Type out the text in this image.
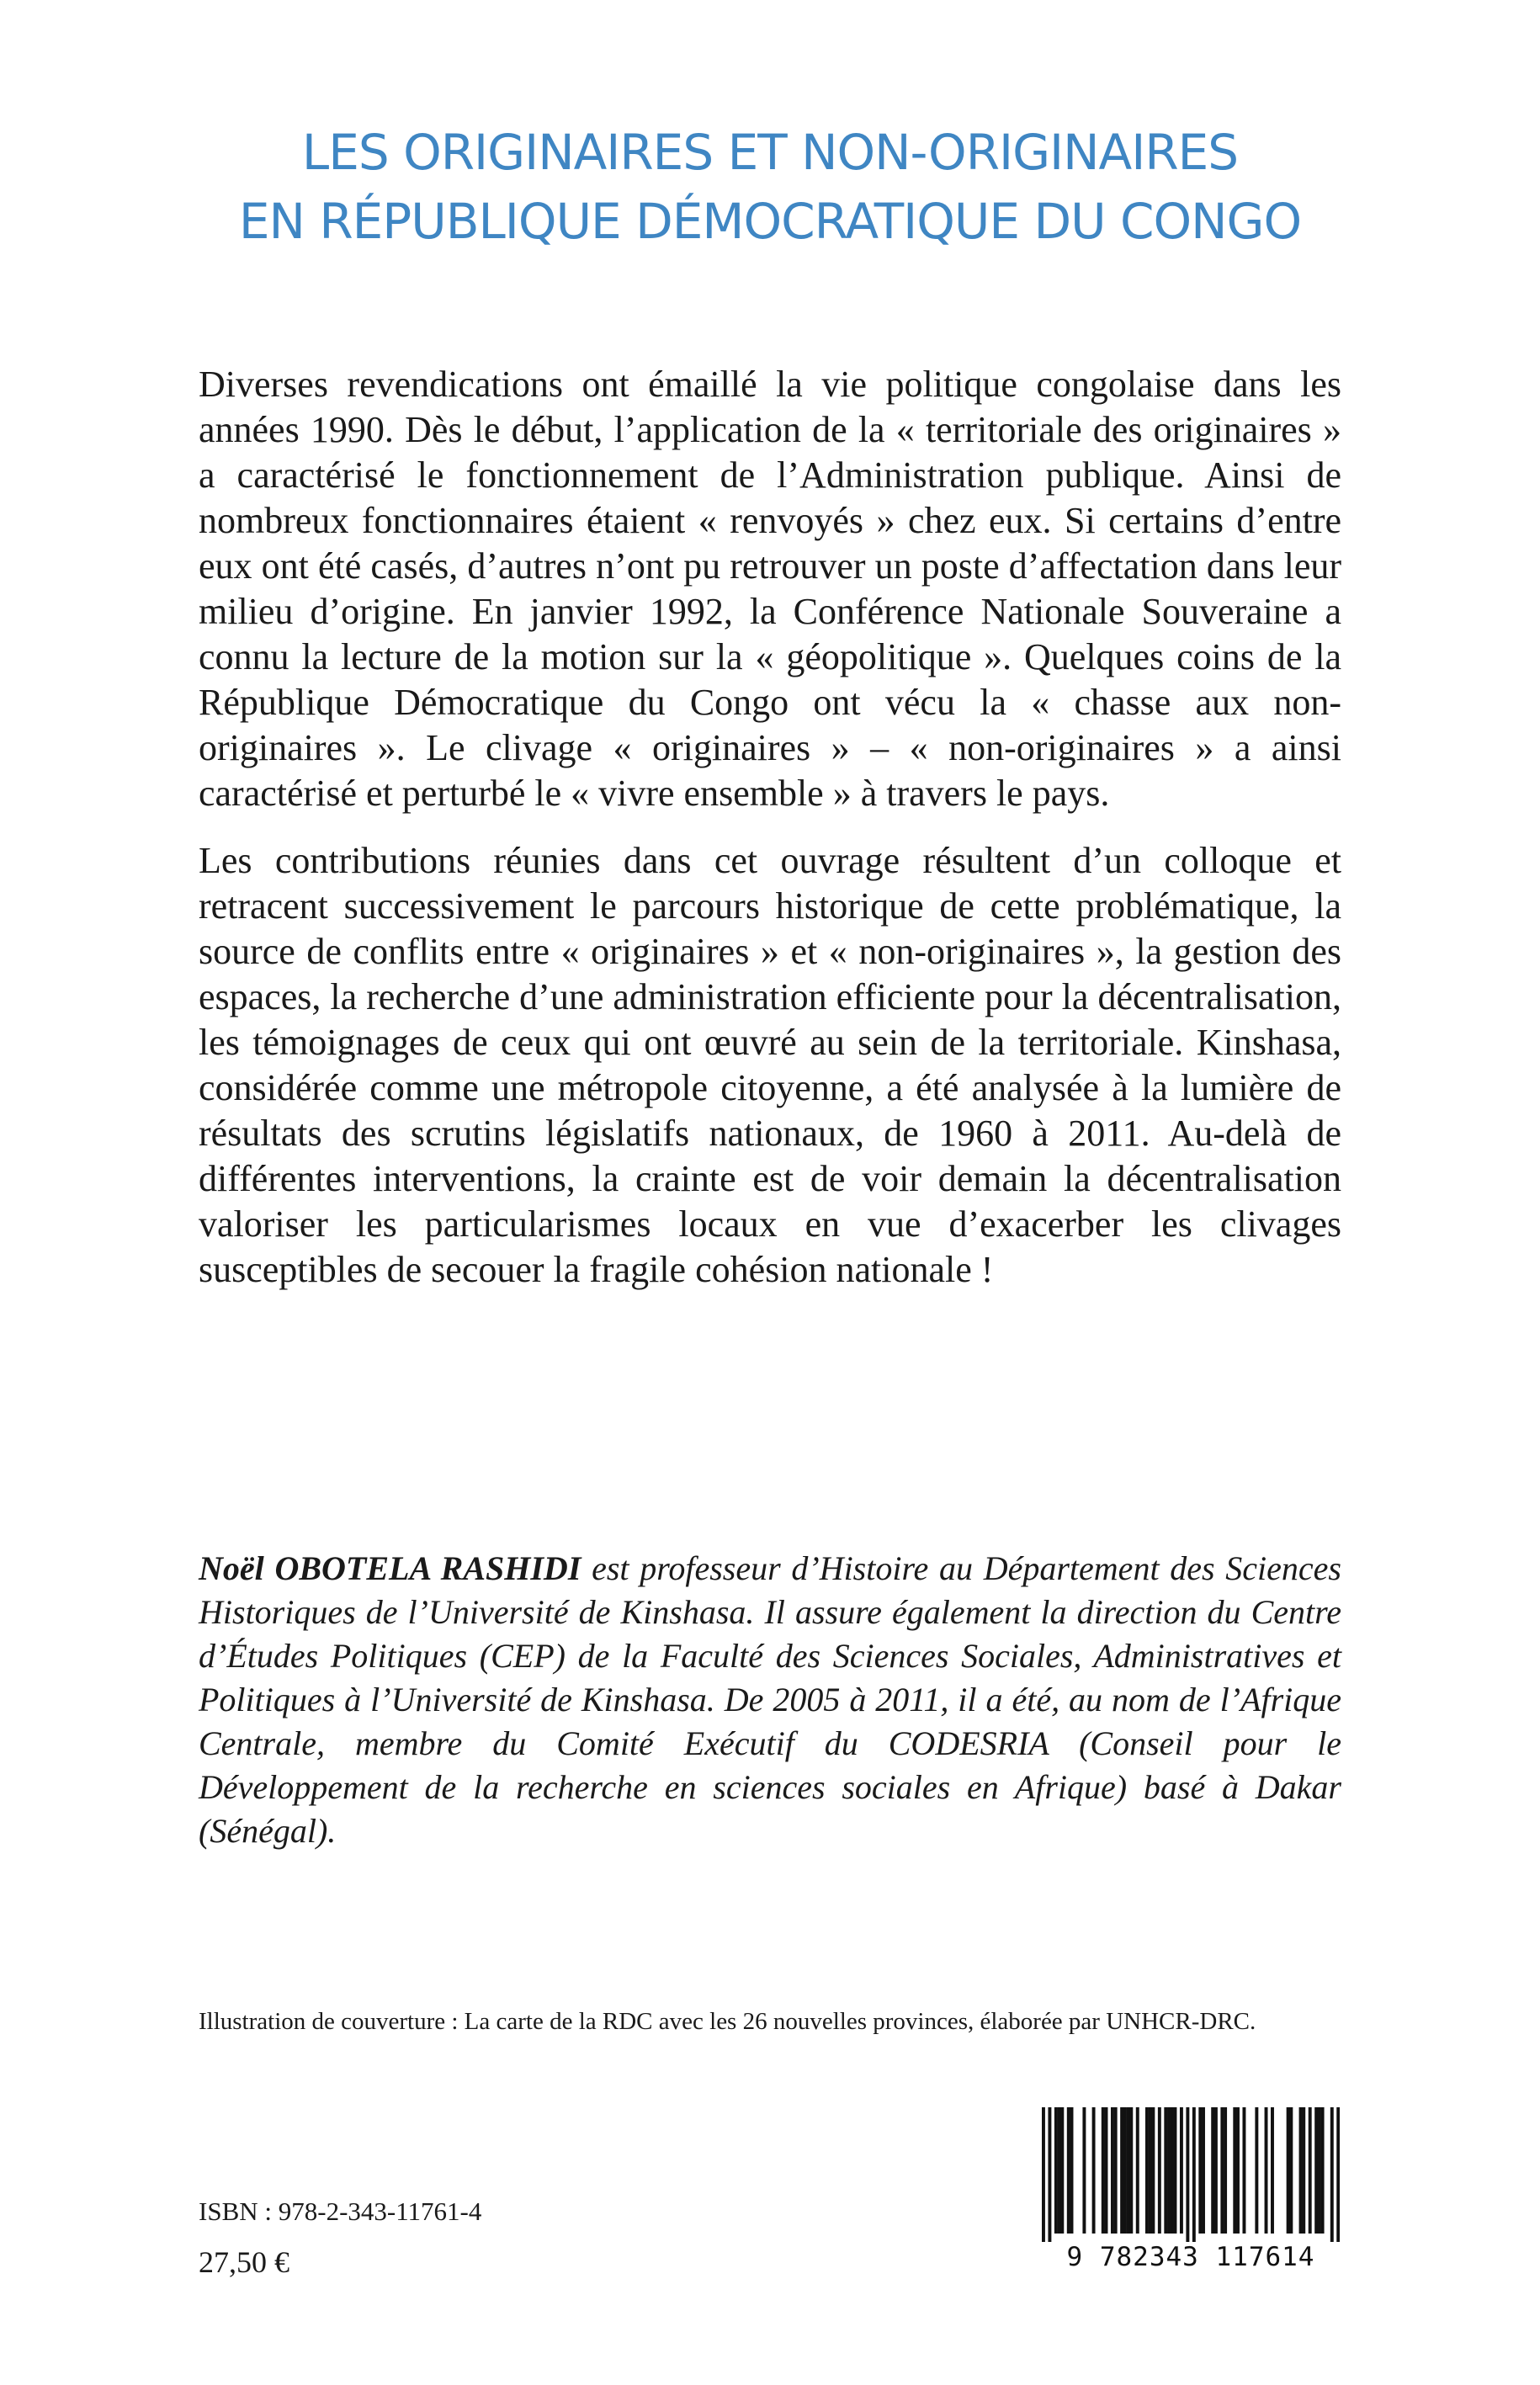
LES ORIGINAIRES ET NON-ORIGINAIRES
EN RÉPUBLIQUE DÉMOCRATIQUE DU CONGO

Diverses revendications ont émaillé la vie politique congolaise dans les années 1990. Dès le début, l’application de la « territoriale des originaires » a caractérisé le fonctionnement de l’Administration publique. Ainsi de nombreux fonctionnaires étaient « renvoyés » chez eux. Si certains d’entre eux ont été casés, d’autres n’ont pu retrouver un poste d’affectation dans leur milieu d’origine. En janvier 1992, la Conférence Nationale Souveraine a connu la lecture de la motion sur la « géopolitique ». Quelques coins de la République Démocratique du Congo ont vécu la « chasse aux non-originaires ». Le clivage « originaires » – « non-originaires » a ainsi caractérisé et perturbé le « vivre ensemble » à travers le pays.

Les contributions réunies dans cet ouvrage résultent d’un colloque et retracent successivement le parcours historique de cette problématique, la source de conflits entre « originaires » et « non-originaires », la gestion des espaces, la recherche d’une administration efficiente pour la décentralisation, les témoignages de ceux qui ont œuvré au sein de la territoriale. Kinshasa, considérée comme une métropole citoyenne, a été analysée à la lumière de résultats des scrutins législatifs nationaux, de 1960 à 2011. Au-delà de différentes interventions, la crainte est de voir demain la décentralisation valoriser les particularismes locaux en vue d’exacerber les clivages susceptibles de secouer la fragile cohésion nationale !

Noël OBOTELA RASHIDI est professeur d’Histoire au Département des Sciences Historiques de l’Université de Kinshasa. Il assure également la direction du Centre d’Études Politiques (CEP) de la Faculté des Sciences Sociales, Administratives et Politiques à l’Université de Kinshasa. De 2005 à 2011, il a été, au nom de l’Afrique Centrale, membre du Comité Exécutif du CODESRIA (Conseil pour le Développement de la recherche en sciences sociales en Afrique) basé à Dakar (Sénégal).
Illustration de couverture : La carte de la RDC avec les 26 nouvelles provinces, élaborée par UNHCR-DRC.
ISBN : 978-2-343-11761-4
27,50 €	9 782343 117614
